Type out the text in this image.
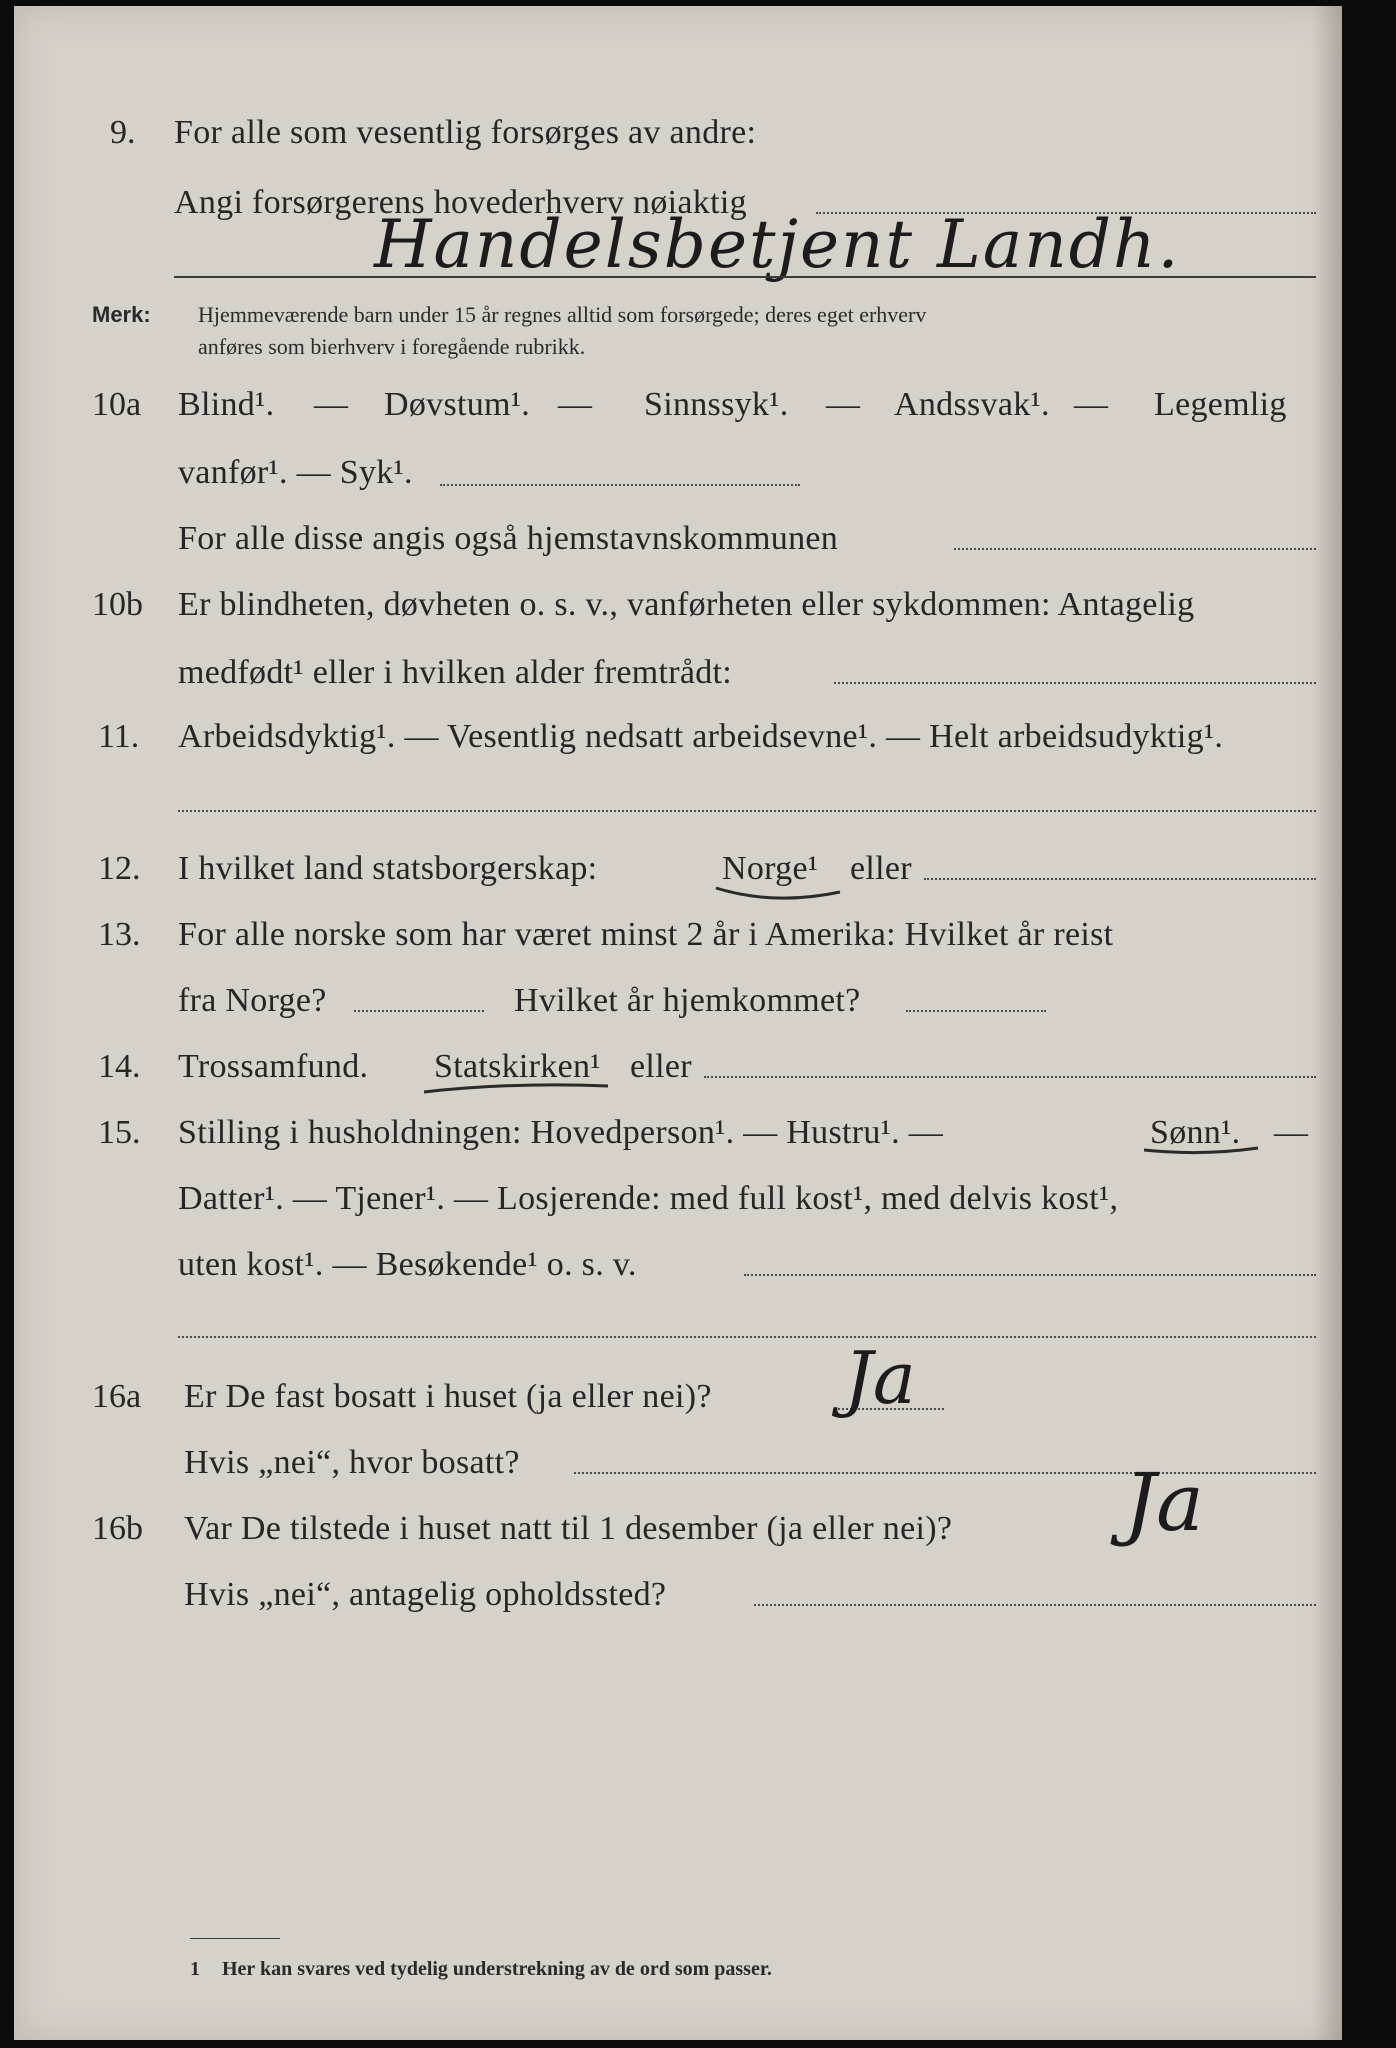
9. For alle som vesentlig forsørges av andre:
Angi forsørgerens hovederhverv nøiaktig
Handelsbetjent Landh.
Merk: Hjemmeværende barn under 15 år regnes alltid som forsørgede; deres eget erhverv
anføres som bierhverv i foregående rubrikk.
10a Blind¹. — Døvstum¹. — Sinnssyk¹. — Andssvak¹. — Legemlig
vanfør¹. — Syk¹.
For alle disse angis også hjemstavnskommunen
10b Er blindheten, døvheten o. s. v., vanførheten eller sykdommen: Antagelig
medfødt¹ eller i hvilken alder fremtrådt:
11. Arbeidsdyktig¹. — Vesentlig nedsatt arbeidsevne¹. — Helt arbeidsudyktig¹.
12. I hvilket land statsborgerskap:	Norge¹ eller
13. For alle norske som har været minst 2 år i Amerika: Hvilket år reist
fra Norge?	Hvilket år hjemkommet?
14. Trossamfund. Statskirken¹ eller
15. Stilling i husholdningen: Hovedperson¹. — Hustru¹. —	Sønn¹. —
Datter¹. — Tjener¹. — Losjerende: med full kost¹, med delvis kost¹,
uten kost¹. — Besøkende¹ o. s. v.
16a Er De fast bosatt i huset (ja eller nei)? Ja
Hvis „nei“, hvor bosatt?
16b Var De tilstede i huset natt til 1 desember (ja eller nei)? Ja
Hvis „nei“, antagelig opholdssted?
1 Her kan svares ved tydelig understrekning av de ord som passer.
